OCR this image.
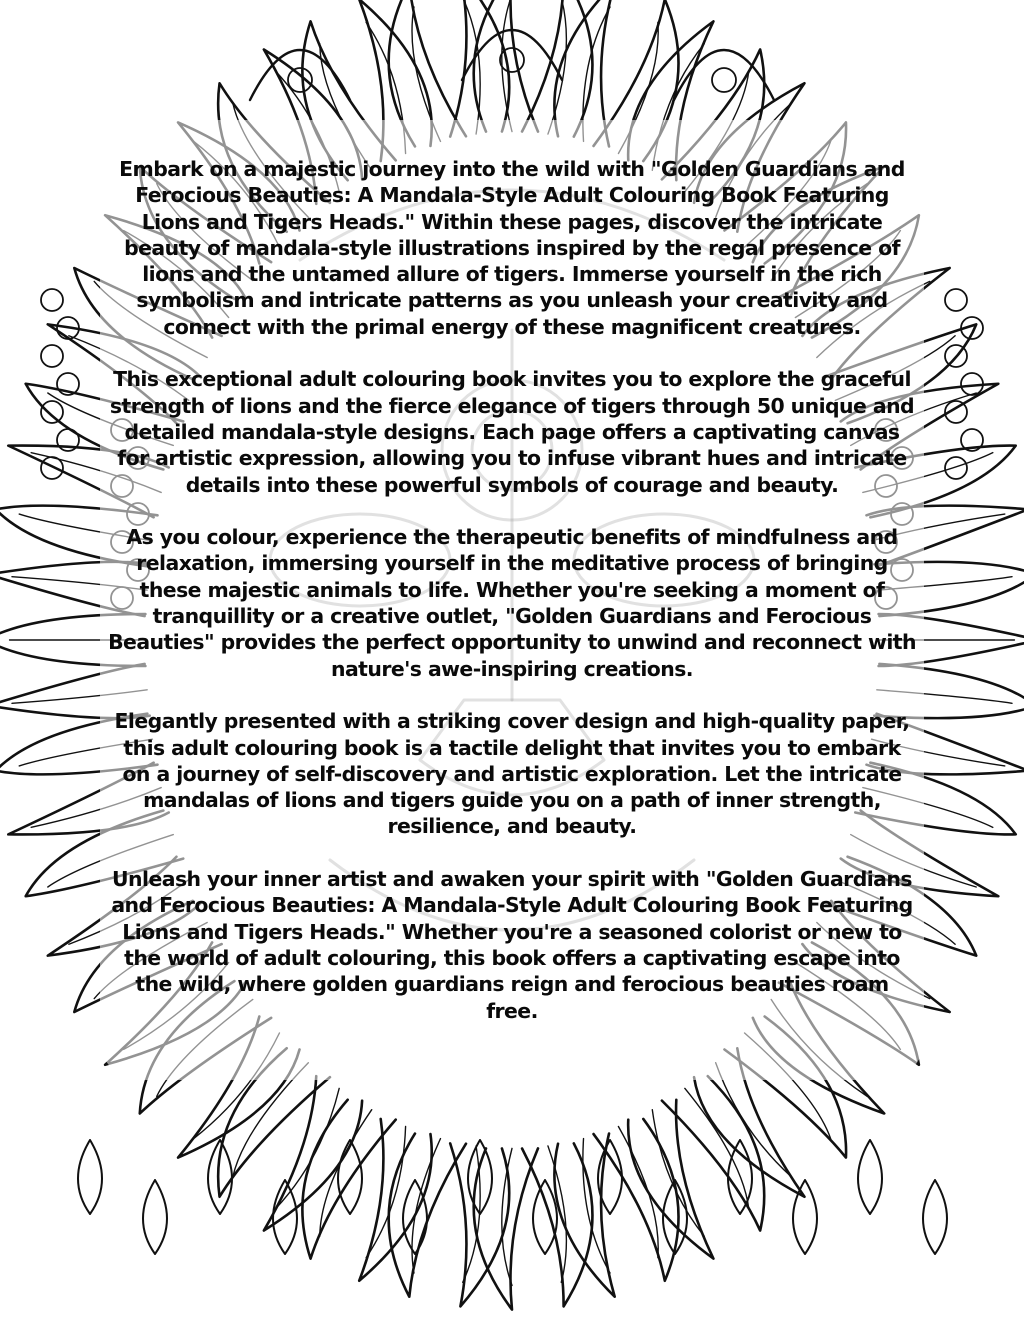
Embark on a majestic journey into the wild with "Golden Guardians and Ferocious Beauties: A Mandala-Style Adult Colouring Book Featuring Lions and Tigers Heads." Within these pages, discover the intricate beauty of mandala-style illustrations inspired by the regal presence of lions and the untamed allure of tigers. Immerse yourself in the rich symbolism and intricate patterns as you unleash your creativity and connect with the primal energy of these magnificent creatures.

This exceptional adult colouring book invites you to explore the graceful strength of lions and the fierce elegance of tigers through 50 unique and detailed mandala-style designs. Each page offers a captivating canvas for artistic expression, allowing you to infuse vibrant hues and intricate details into these powerful symbols of courage and beauty.

As you colour, experience the therapeutic benefits of mindfulness and relaxation, immersing yourself in the meditative process of bringing these majestic animals to life. Whether you're seeking a moment of tranquillity or a creative outlet, "Golden Guardians and Ferocious Beauties" provides the perfect opportunity to unwind and reconnect with nature's awe-inspiring creations.

Elegantly presented with a striking cover design and high-quality paper, this adult colouring book is a tactile delight that invites you to embark on a journey of self-discovery and artistic exploration. Let the intricate mandalas of lions and tigers guide you on a path of inner strength, resilience, and beauty.

Unleash your inner artist and awaken your spirit with "Golden Guardians and Ferocious Beauties: A Mandala-Style Adult Colouring Book Featuring Lions and Tigers Heads." Whether you're a seasoned colorist or new to the world of adult colouring, this book offers a captivating escape into the wild, where golden guardians reign and ferocious beauties roam free.
